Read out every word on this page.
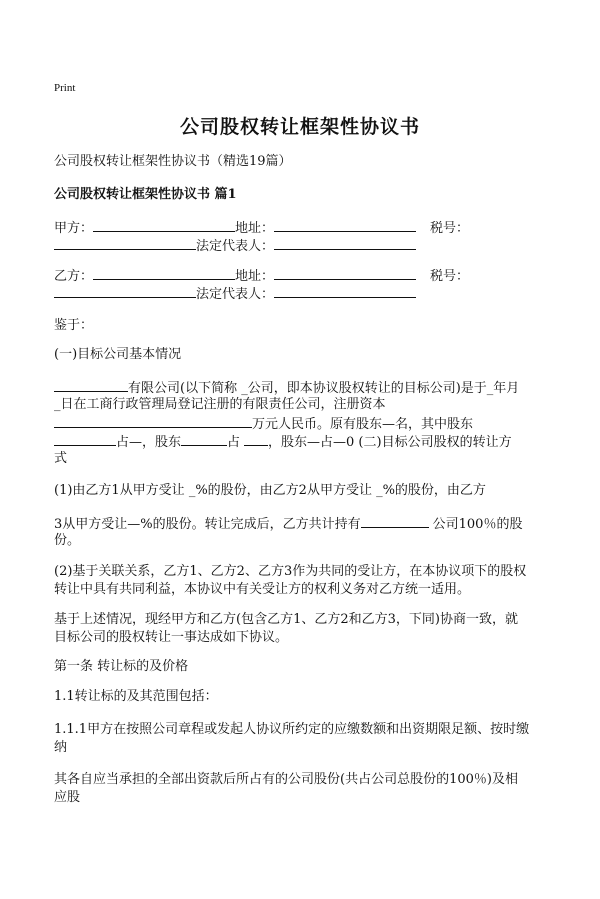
Print
公司股权转让框架性协议书
公司股权转让框架性协议书（精选19篇）
公司股权转让框架性协议书 篇1
甲方：	地址：	税号：
法定代表人：
乙方：	地址：	税号：
法定代表人：
鉴于：
(一)目标公司基本情况
有限公司(以下简称 _公司，即本协议股权转让的目标公司)是于_年月
_日在工商行政管理局登记注册的有限责任公司，注册资本
万元人民币。原有股东—名，其中股东
占—，股东	占 ，股东—占—0 (二)目标公司股权的转让方
式
(1)由乙方1从甲方受让 _%的股份，由乙方2从甲方受让 _%的股份，由乙方
3从甲方受让—%的股份。转让完成后，乙方共计持有	公司100％的股
份。
(2)基于关联关系，乙方1、乙方2、乙方3作为共同的受让方，在本协议项下的股权
转让中具有共同利益，本协议中有关受让方的权利义务对乙方统一适用。
基于上述情况，现经甲方和乙方(包含乙方1、乙方2和乙方3，下同)协商一致，就
目标公司的股权转让一事达成如下协议。
第一条 转让标的及价格
1.1转让标的及其范围包括：
1.1.1甲方在按照公司章程或发起人协议所约定的应缴数额和出资期限足额、按时缴
纳
其各自应当承担的全部出资款后所占有的公司股份(共占公司总股份的100％)及相
应股
